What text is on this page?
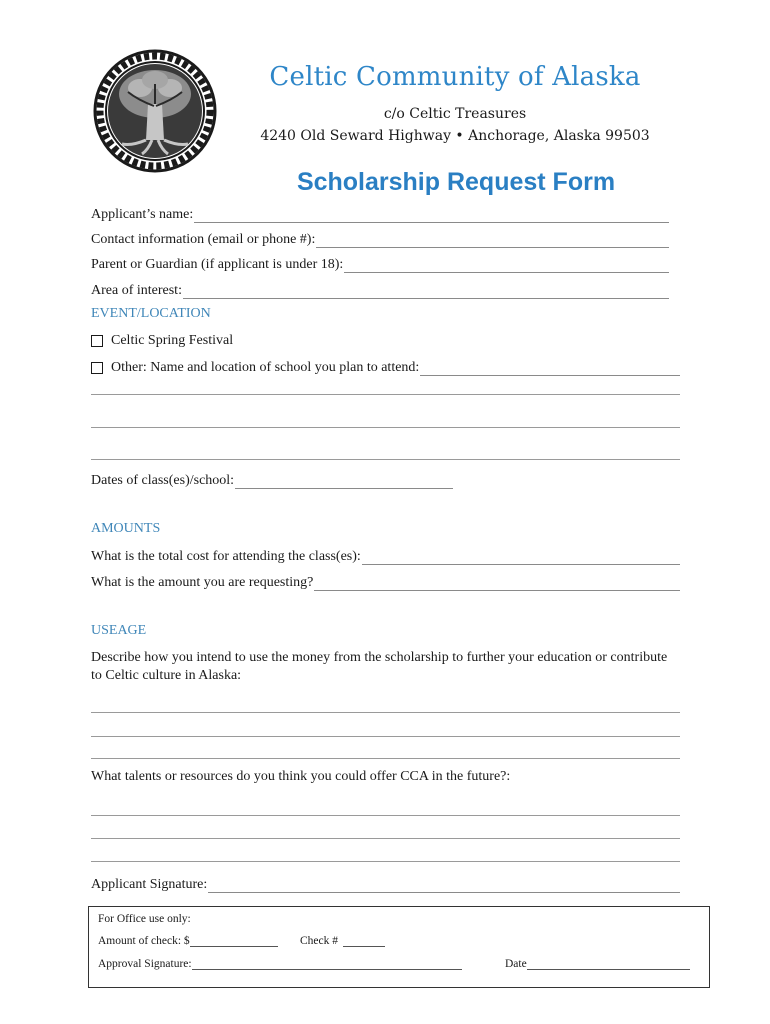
Celtic Community of Alaska
c/o Celtic Treasures
4240 Old Seward Highway • Anchorage, Alaska 99503
Scholarship Request Form
Applicant’s name:
Contact information (email or phone #):
Parent or Guardian (if applicant is under 18):
Area of interest:
EVENT/LOCATION
Celtic Spring Festival
Other: Name and location of school you plan to attend:
Dates of class(es)/school:
AMOUNTS
What is the total cost for attending the class(es):
What is the amount you are requesting?
USEAGE
Describe how you intend to use the money from the scholarship to further your education or contribute to Celtic culture in Alaska:
What talents or resources do you think you could offer CCA in the future?:
Applicant Signature:
For Office use only:
Amount of check: $	Check #
Approval Signature:	Date
